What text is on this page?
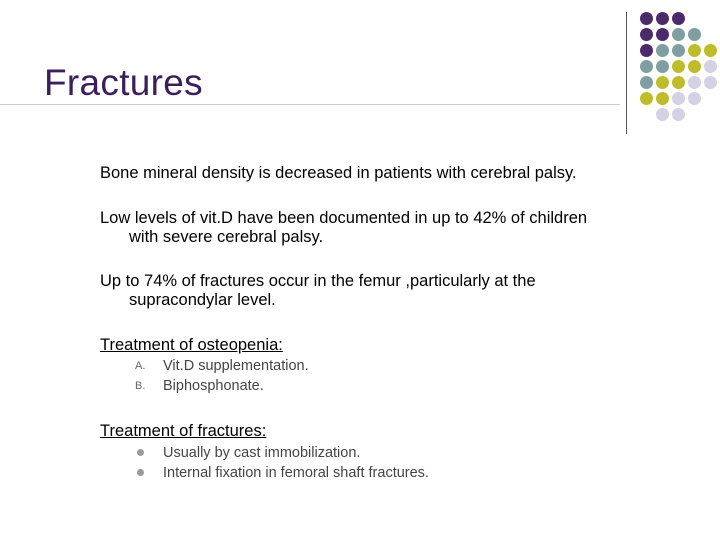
Fractures
Bone mineral density is decreased in patients with cerebral palsy.
Low levels of vit.D have been documented in up to 42% of children
with severe cerebral palsy.
Up to 74% of fractures occur in the femur ,particularly at the
supracondylar level.
Treatment of osteopenia:
A. Vit.D supplementation.
B. Biphosphonate.
Treatment of fractures:
Usually by cast immobilization.
Internal fixation in femoral shaft fractures.
